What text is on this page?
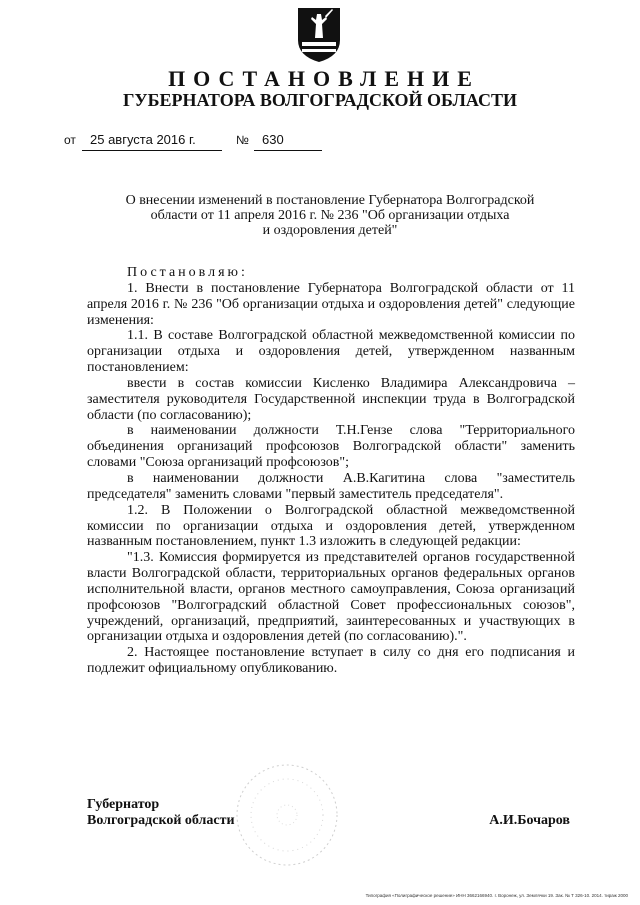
ПОСТАНОВЛЕНИЕ
ГУБЕРНАТОРА ВОЛГОГРАДСКОЙ ОБЛАСТИ
от	25 августа 2016 г.	№	630
О внесении изменений в постановление Губернатора Волгоградской
области от 11 апреля 2016 г. № 236 "Об организации отдыха
и оздоровления детей"

Постановляю:

1. Внести в постановление Губернатора Волгоградской области от 11 апреля 2016 г. № 236 "Об организации отдыха и оздоровления детей" следующие изменения:

1.1. В составе Волгоградской областной межведомственной комиссии по организации отдыха и оздоровления детей, утвержденном названным постановлением:

ввести в состав комиссии Кисленко Владимира Александровича – заместителя руководителя Государственной инспекции труда в Волгоградской области (по согласованию);

в наименовании должности Т.Н.Гензе слова "Территориального объединения организаций профсоюзов Волгоградской области" заменить словами "Союза организаций профсоюзов";

в наименовании должности А.В.Кагитина слова "заместитель председателя" заменить словами "первый заместитель председателя".

1.2. В Положении о Волгоградской областной межведомственной комиссии по организации отдыха и оздоровления детей, утвержденном названным постановлением, пункт 1.3 изложить в следующей редакции:

"1.3. Комиссия формируется из представителей органов государственной власти Волгоградской области, территориальных органов федеральных органов исполнительной власти, органов местного самоуправления, Союза организаций профсоюзов "Волгоградский областной Совет профессиональных союзов", учреждений, организаций, предприятий, заинтересованных и участвующих в организации отдыха и оздоровления детей (по согласованию).".

2. Настоящее постановление вступает в силу со дня его подписания и подлежит официальному опубликованию.

Губернатор
Волгоградской области	А.И.Бочаров
Типография «Полиграфическое решение» ИНН 3662166940. г. Воронеж, ул. Землячки 19. Зак. № Т 326-10. 2014. тираж 2000
